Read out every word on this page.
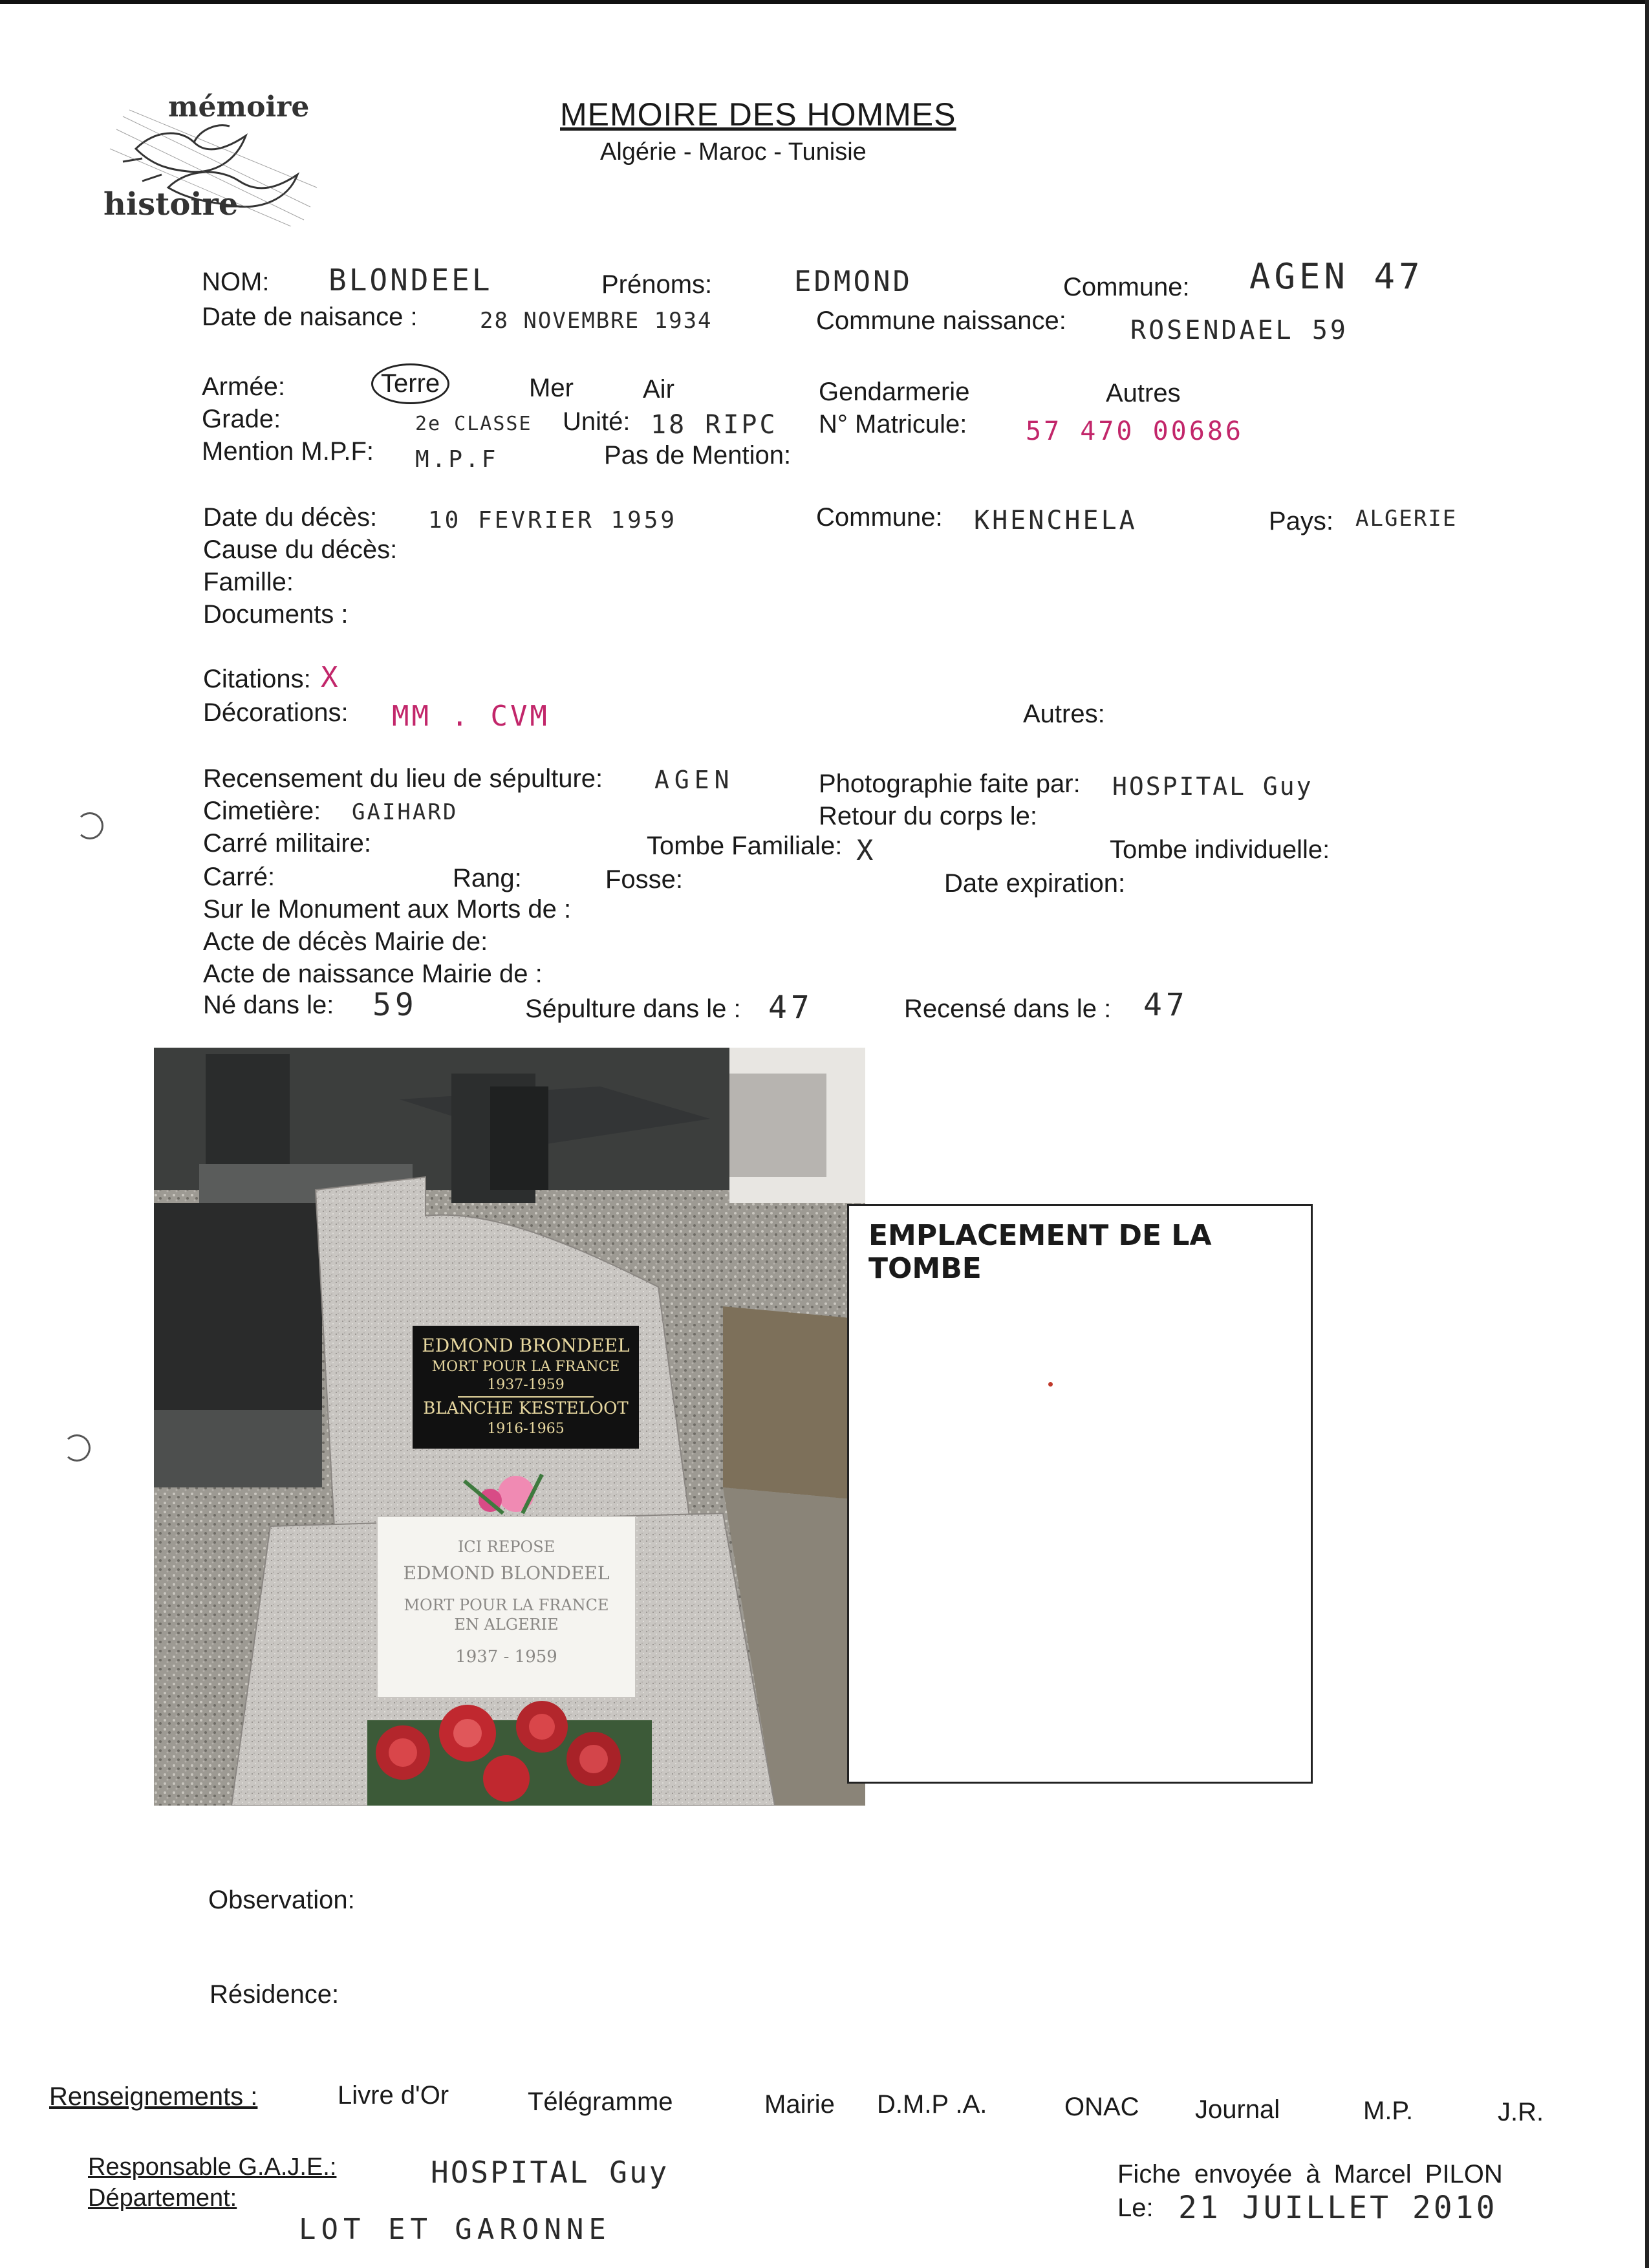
mémoire
histoire
MEMOIRE DES HOMMES
Algérie - Maroc - Tunisie
NOM: BLONDEEL	Prénoms:	EDMOND	Commune: AGEN 47
Date de naisance :	28 NOVEMBRE 1934	Commune naissance: ROSENDAEL 59
Armée:	Terre	Mer	Air	Gendarmerie	Autres
Grade:	2e CLASSE Unité: 18 RIPC N° Matricule: 57 470 00686
Mention M.P.F: M.P.F	Pas de Mention:
Date du décès: 10 FEVRIER 1959	Commune: KHENCHELA	Pays: ALGERIE
Cause du décès:
Famille:
Documents :
Citations: X
Décorations: MM . CVM	Autres:
Recensement du lieu de sépulture: AGEN	Photographie faite par: HOSPITAL Guy
Cimetière: GAIHARD	Retour du corps le:
Carré militaire:	Tombe Familiale: X	Tombe individuelle:
Carré:	Rang:	Fosse:	Date expiration:
Sur le Monument aux Morts de :
Acte de décès Mairie de:
Acte de naissance Mairie de :
Né dans le: 59	Sépulture dans le : 47	Recensé dans le : 47
EDMOND BRONDEEL
MORT POUR LA FRANCE
1937-1959
BLANCHE KESTELOOT
1916-1965
ICI REPOSE
EDMOND BLONDEEL
MORT POUR LA FRANCE
EN ALGERIE
1937 - 1959
EMPLACEMENT DE LA TOMBE
Observation:
Résidence:
Renseignements :	Livre d'Or	Télégramme	Mairie D.M.P .A.	ONAC Journal	M.P.	J.R.
Responsable G.A.J.E.:	HOSPITAL Guy
Département:
LOT ET GARONNE
Fiche envoyée à Marcel PILON
Le: 21 JUILLET 2010
